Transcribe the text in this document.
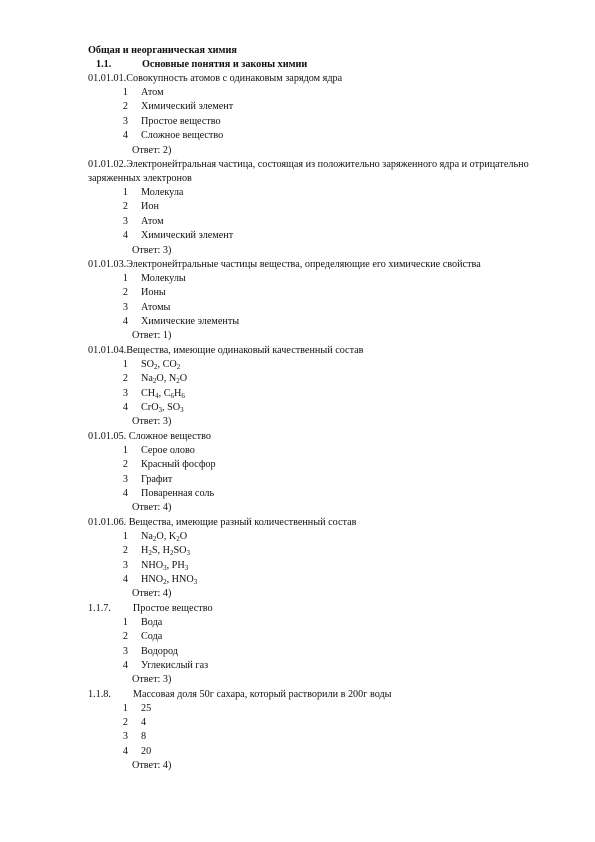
Общая и неорганическая химия
1.1.	Основные понятия и законы химии
01.01.01.Совокупность атомов с одинаковым зарядом ядра
1 Атом
2 Химический элемент
3 Простое вещество
4 Сложное вещество
Ответ: 2)
01.01.02.Электронейтральная частица, состоящая из положительно заряженного ядра и отрицательно заряженных электронов
1 Молекула
2 Ион
3 Атом
4 Химический элемент
Ответ: 3)
01.01.03.Электронейтральные частицы вещества, определяющие его химические свойства
1 Молекулы
2 Ионы
3 Атомы
4 Химические элементы
Ответ: 1)
01.01.04.Вещества, имеющие одинаковый качественный состав
1 $SO_2$, $CO_2$
2 $Na_2O$, $N_2O$
3 $CH_4$, $C_6H_6$
4 CrO$_3$, $SO_3$
Ответ: 3)
01.01.05. Сложное вещество
1 Серое олово
2 Красный фосфор
3 Графит
4 Поваренная соль
Ответ: 4)
01.01.06. Вещества, имеющие разный количественный состав
1 $Na_2O$, $K_2O$
2 $H_2S$, $H_2SO_3$
3 $NHO_3$, $PH_3$
4 $HNO_2$, $HNO_3$
Ответ: 4)
1.1.7. Простое вещество
1 Вода
2 Сода
3 Водород
4 Углекислый газ
Ответ: 3)
1.1.8. Массовая доля 50г сахара, который растворили в 200г воды
1 25
2 4
3 8
4 20
Ответ: 4)
